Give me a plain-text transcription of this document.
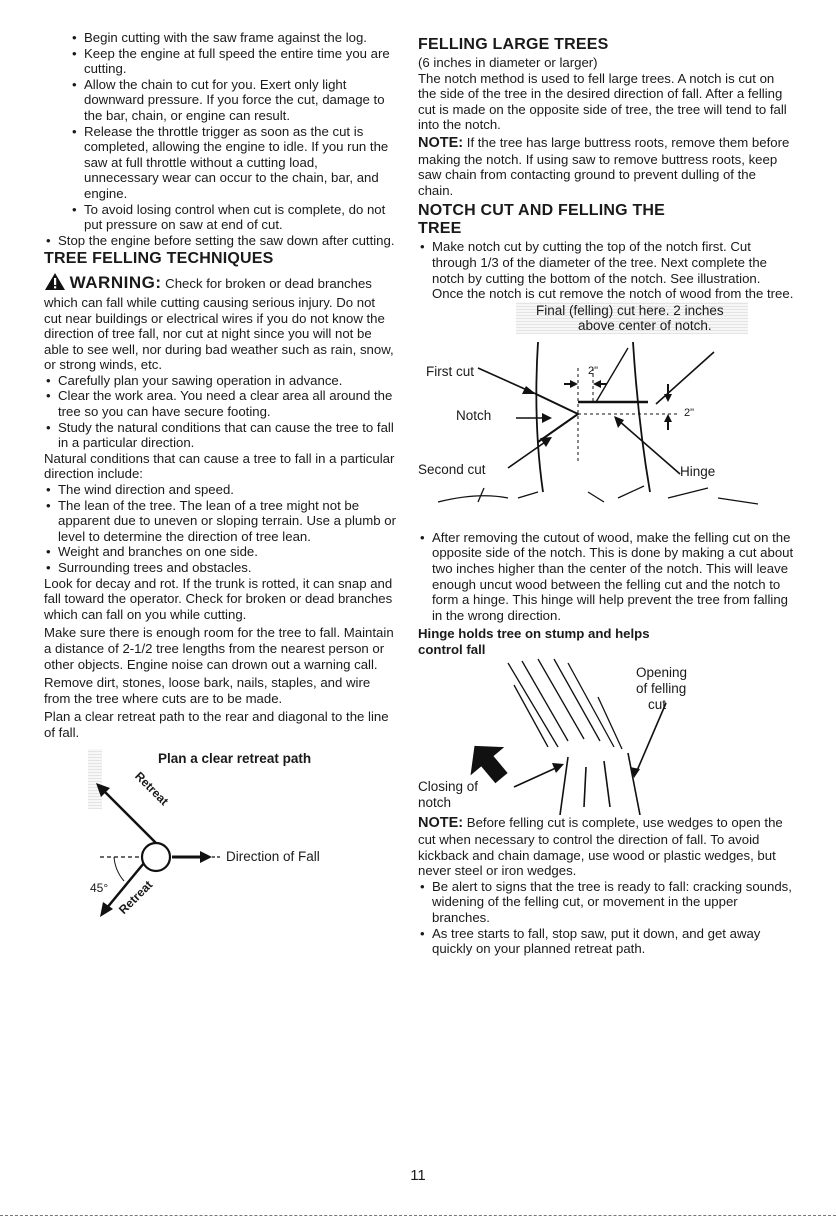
• Begin cutting with the saw frame against the log.
• Keep the engine at full speed the entire time you are cutting.
• Allow the chain to cut for you. Exert only light downward pressure. If you force the cut, damage to the bar, chain, or engine can result.
• Release the throttle trigger as soon as the cut is completed, allowing the engine to idle. If you run the saw at full throttle without a cutting load, unnecessary wear can occur to the chain, bar, and engine.
• To avoid losing control when cut is complete, do not put pressure on saw at end of cut.
• Stop the engine before setting the saw down after cutting.
TREE FELLING TECHNIQUES

WARNING: Check for broken or dead branches which can fall while cutting causing serious injury. Do not cut near buildings or electrical wires if you do not know the direction of tree fall, nor cut at night since you will not be able to see well, nor during bad weather such as rain, snow, or strong winds, etc.

• Carefully plan your sawing operation in advance.
• Clear the work area. You need a clear area all around the tree so you can have secure footing.
• Study the natural conditions that can cause the tree to fall in a particular direction.

Natural conditions that can cause a tree to fall in a particular direction include:

• The wind direction and speed.
• The lean of the tree. The lean of a tree might not be apparent due to uneven or sloping terrain. Use a plumb or level to determine the direction of tree lean.
• Weight and branches on one side.
• Surrounding trees and obstacles.

Look for decay and rot. If the trunk is rotted, it can snap and fall toward the operator. Check for broken or dead branches which can fall on you while cutting.

Make sure there is enough room for the tree to fall. Maintain a distance of 2-1/2 tree lengths from the nearest person or other objects. Engine noise can drown out a warning call.

Remove dirt, stones, loose bark, nails, staples, and wire from the tree where cuts are to be made.

Plan a clear retreat path to the rear and diagonal to the line of fall.

Plan a clear retreat path
Retreat
Retreat
Direction of Fall
45°
FELLING LARGE TREES

(6 inches in diameter or larger)

The notch method is used to fell large trees. A notch is cut on the side of the tree in the desired direction of fall. After a felling cut is made on the opposite side of tree, the tree will tend to fall into the notch.

NOTE: If the tree has large buttress roots, remove them before making the notch. If using saw to remove buttress roots, keep saw chain from contacting ground to prevent dulling of the chain.

NOTCH CUT AND FELLING THE
TREE
• Make notch cut by cutting the top of the notch first. Cut through 1/3 of the diameter of the tree. Next complete the notch by cutting the bottom of the notch. See illustration. Once the notch is cut remove the notch of wood from the tree.
Final (felling) cut here. 2 inches
above center of notch.
First cut
Notch
Second cut	Hinge
2"
2"
• After removing the cutout of wood, make the felling cut on the opposite side of the notch. This is done by making a cut about two inches higher than the center of the notch. This will leave enough uncut wood between the felling cut and the notch to form a hinge. This hinge will help prevent the tree from falling in the wrong direction.

Hinge holds tree on stump and helps control fall

Opening
of felling
cut
Closing of
notch

NOTE: Before felling cut is complete, use wedges to open the cut when necessary to control the direction of fall. To avoid kickback and chain damage, use wood or plastic wedges, but never steel or iron wedges.

• Be alert to signs that the tree is ready to fall: cracking sounds, widening of the felling cut, or movement in the upper branches.
• As tree starts to fall, stop saw, put it down, and get away quickly on your planned retreat path.
11
